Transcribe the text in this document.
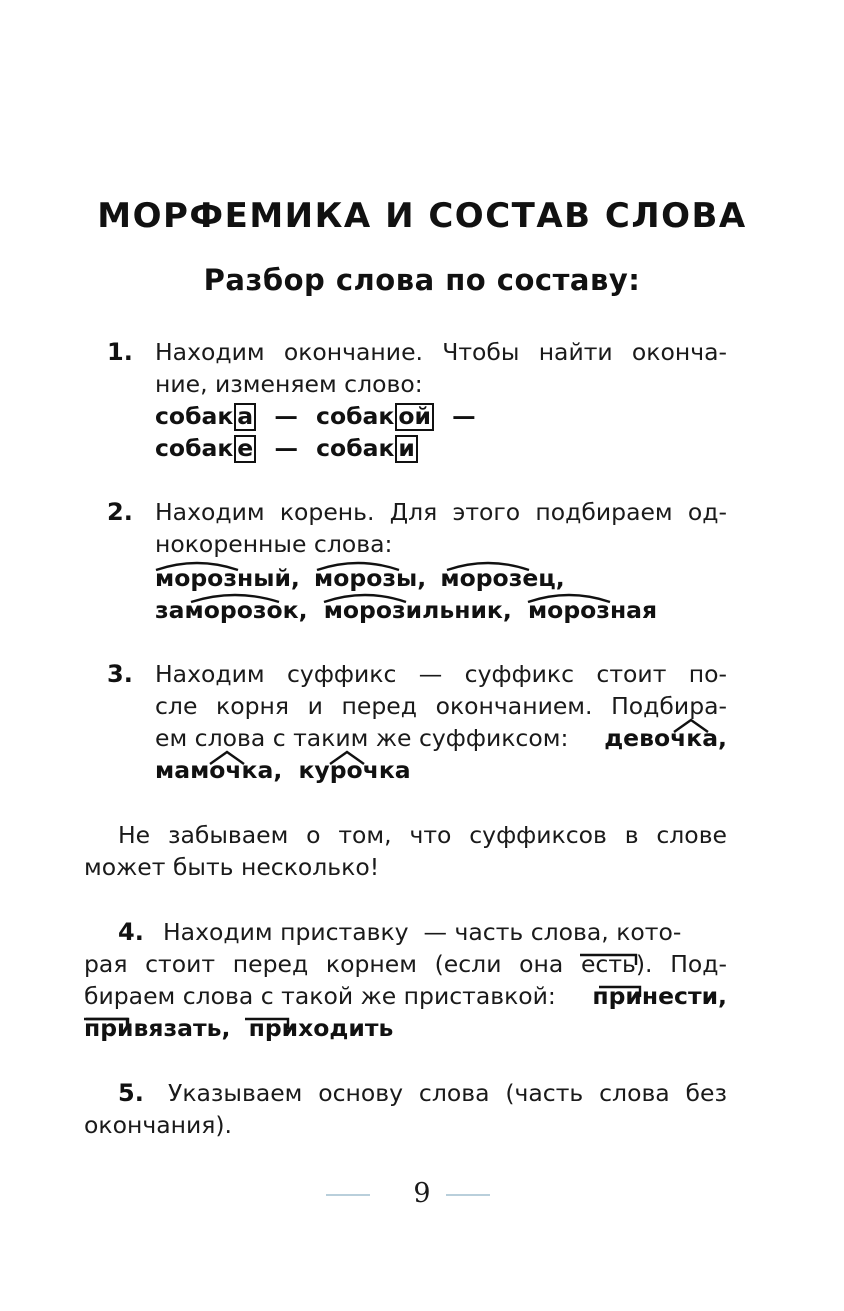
МОРФЕМИКА И СОСТАВ СЛОВА
Разбор слова по составу:
1. Находим окончание. Чтобы найти оконча-
ние, изменяем слово:
собак а — собак ой —
собак е — собак и
2. Находим корень. Для этого подбираем од-
нокоренные слова:
морозный, морозы, морозец,
заморозок, морозильник, морозная
3. Находим суффикс — суффикс стоит по-
сле корня и перед окончанием. Подбира-
ем слова с таким же суффиксом: девочка,
мамочка, курочка
Не забываем о том, что суффиксов в слове
может быть несколько!
4. Находим приставку  — часть слова, кото-
рая стоит перед корнем (если она есть). Под-
бираем слова с такой же приставкой: принести,
привязать, приходить
5. Указываем основу слова (часть слова без
окончания).
9
